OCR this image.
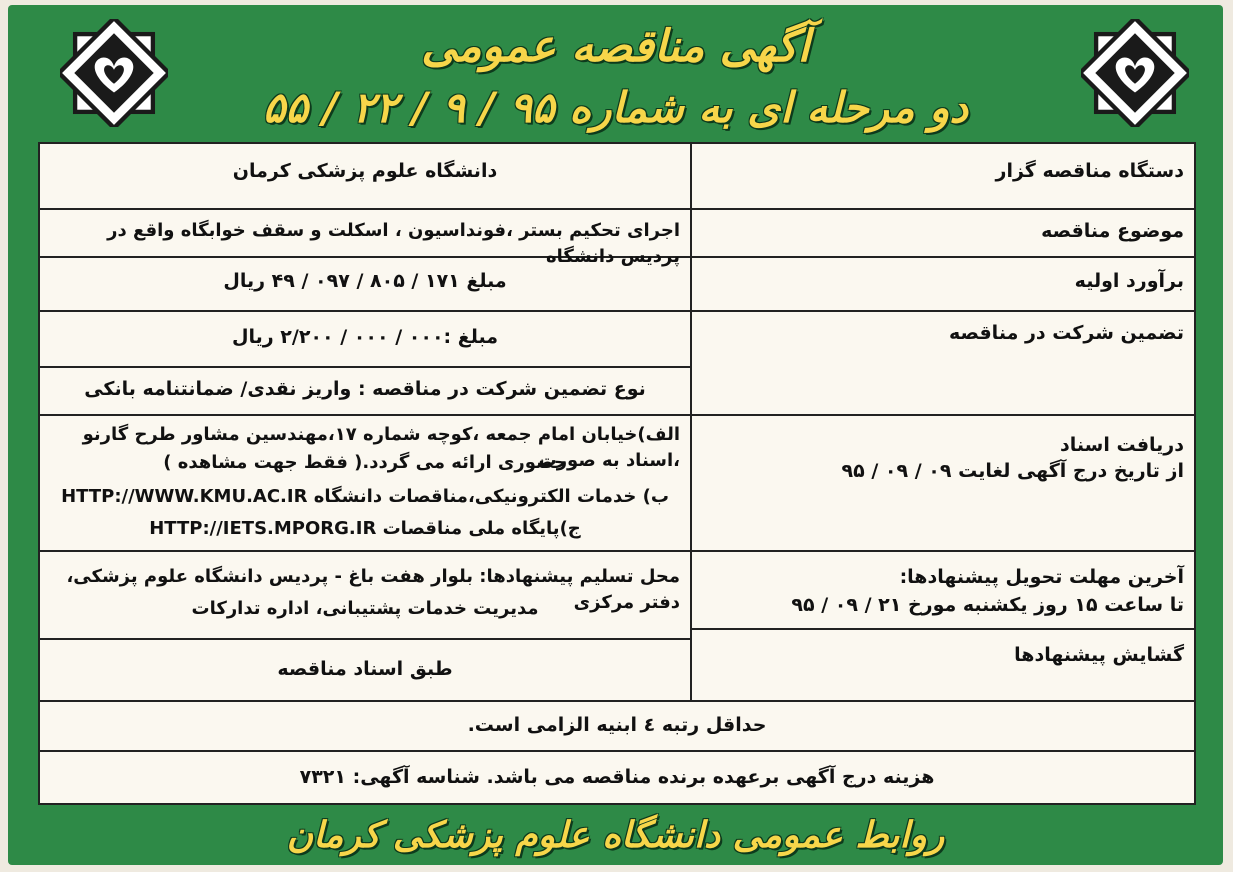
آگهی مناقصه عمومی
دو مرحله ای به شماره ۹۵ / ۹ / ۲۲ / ۵۵
دستگاه مناقصه گزار
دانشگاه علوم پزشکی کرمان
موضوع مناقصه
اجرای تحکیم بستر ،فونداسیون ، اسکلت و سقف خوابگاه واقع در پردیس دانشگاه
برآورد اولیه
مبلغ ۱۷۱ / ۸۰۵ / ۰۹۷ / ۴۹ ریال
تضمین شرکت در مناقصه
مبلغ :۰۰۰ / ۰۰۰ / ۲/۲۰۰ ریال
نوع تضمین شرکت در مناقصه : واریز نقدی/ ضمانتنامه بانکی
دریافت اسناد
از تاریخ درج آگهی لغایت ۰۹ / ۰۹ / ۹۵
الف)خیابان امام جمعه ،کوچه شماره ۱۷،مهندسین مشاور طرح گارنو ،اسناد به صورت
حضوری ارائه می گردد.( فقط جهت مشاهده )
ب) خدمات الکترونیکی،مناقصات دانشگاه HTTP://WWW.KMU.AC.IR
ج)پایگاه ملی مناقصات HTTP://IETS.MPORG.IR
آخرین مهلت تحویل پیشنهادها:
تا ساعت ۱۵ روز یکشنبه مورخ ۲۱ / ۰۹ / ۹۵
محل تسلیم پیشنهادها: بلوار هفت باغ - پردیس دانشگاه علوم پزشکی، دفتر مرکزی
مدیریت خدمات پشتیبانی، اداره تدارکات
گشایش پیشنهادها
طبق اسناد مناقصه
حداقل رتبه ٤ ابنیه الزامی است.
هزینه درج آگهی برعهده برنده مناقصه می باشد. شناسه آگهی: ۷۳۲۱
روابط عمومی دانشگاه علوم پزشکی کرمان
